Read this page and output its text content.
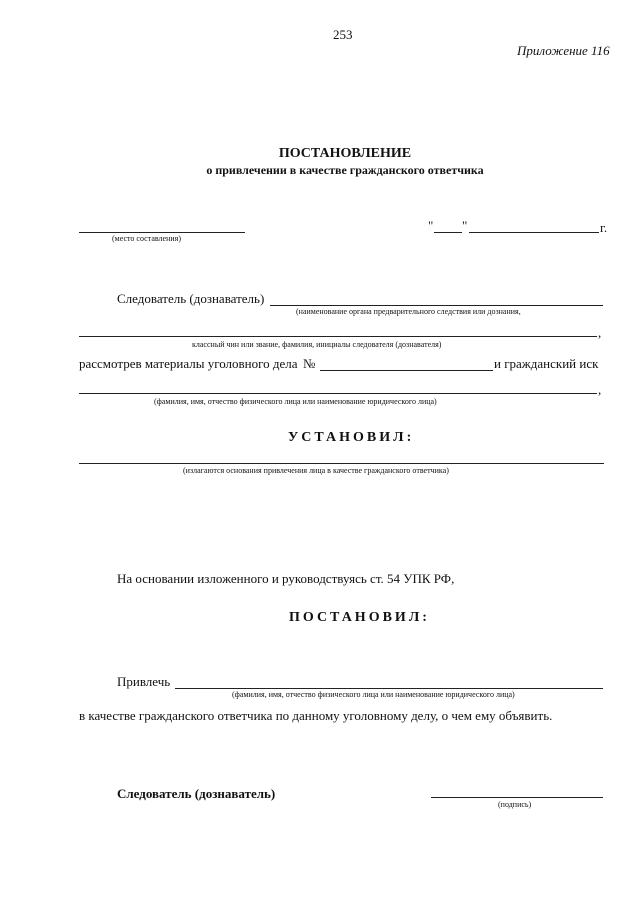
253
Приложение 116
ПОСТАНОВЛЕНИЕ
о привлечении в качестве гражданского ответчика
(место составления)
" "	г.
Следователь (дознаватель)
(наименование органа предварительного следствия или дознания,
,
классный чин или звание, фамилия, инициалы следователя (дознавателя)
рассмотрев материалы уголовного дела №	и гражданский иск
,
(фамилия, имя, отчество физического лица или наименование юридического лица)
УСТАНОВИЛ:
(излагаются основания привлечения лица в качестве гражданского ответчика)
На основании изложенного и руководствуясь ст. 54 УПК РФ,
ПОСТАНОВИЛ:
Привлечь
(фамилия, имя, отчество физического лица или наименование юридического лица)
в качестве гражданского ответчика по данному уголовному делу, о чем ему объявить.
Следователь (дознаватель)
(подпись)
